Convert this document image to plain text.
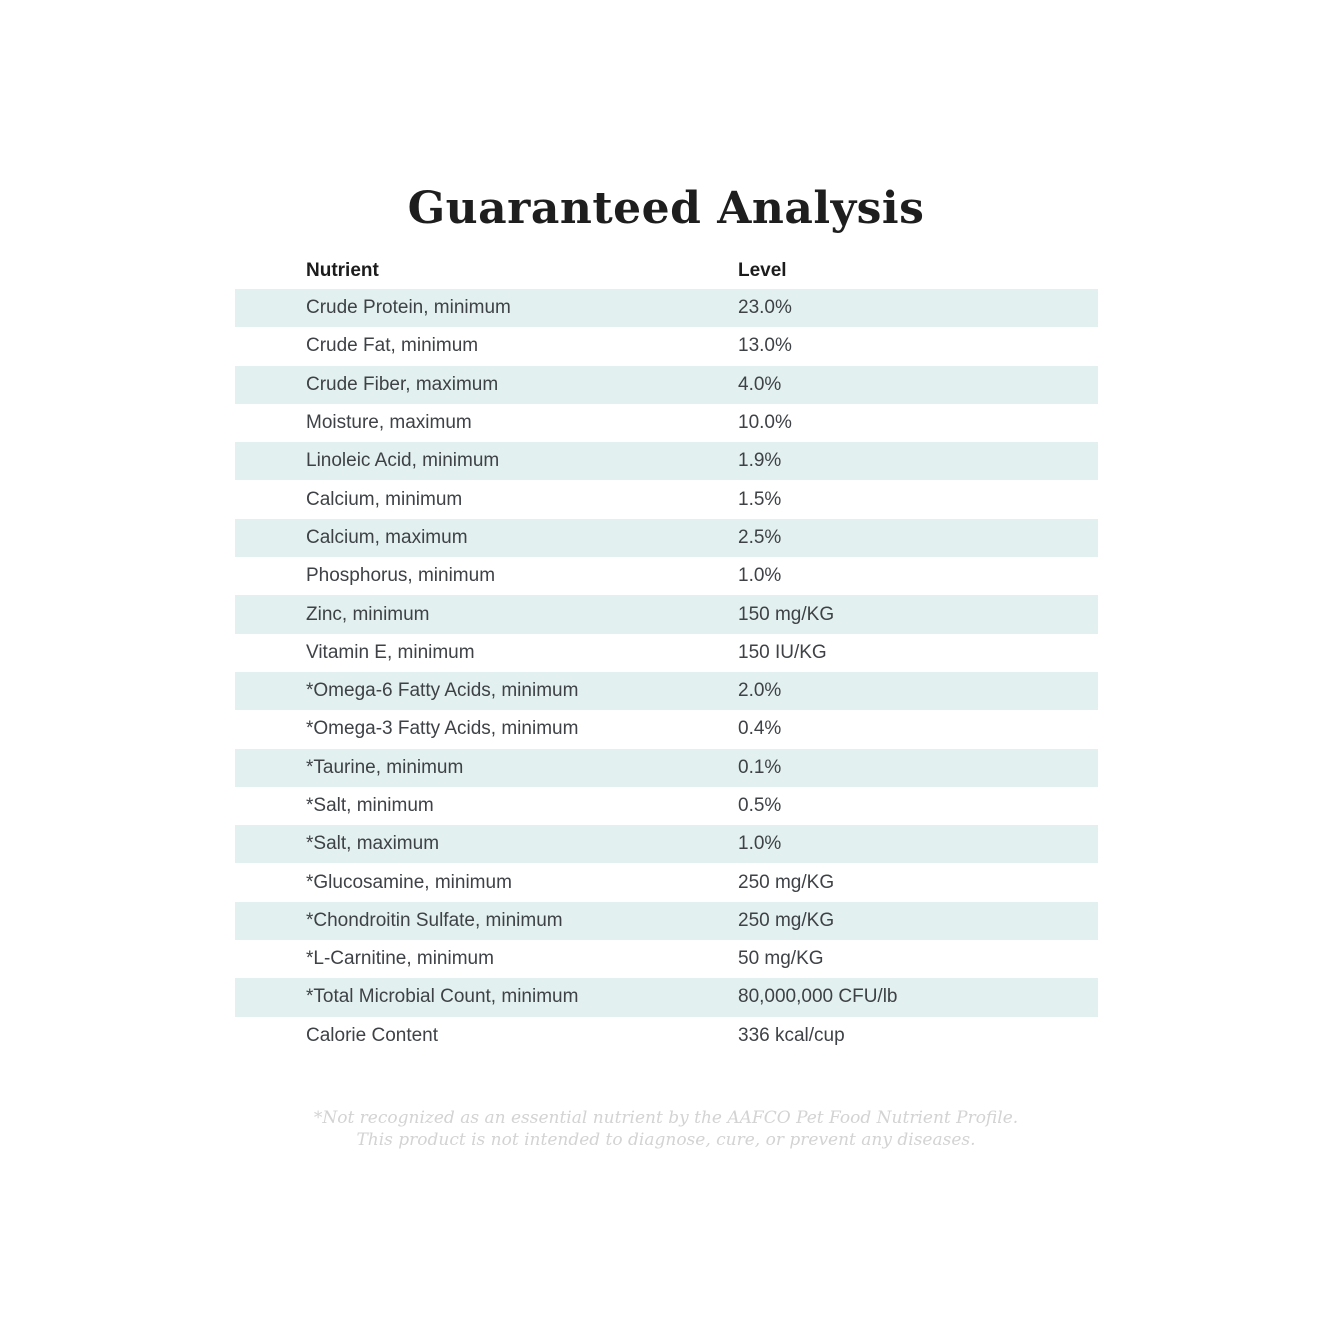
Guaranteed Analysis
Nutrient	Level
Crude Protein, minimum	23.0%
Crude Fat, minimum	13.0%
Crude Fiber, maximum	4.0%
Moisture, maximum	10.0%
Linoleic Acid, minimum	1.9%
Calcium, minimum	1.5%
Calcium, maximum	2.5%
Phosphorus, minimum	1.0%
Zinc, minimum	150 mg/KG
Vitamin E, minimum	150 IU/KG
*Omega-6 Fatty Acids, minimum	2.0%
*Omega-3 Fatty Acids, minimum	0.4%
*Taurine, minimum	0.1%
*Salt, minimum	0.5%
*Salt, maximum	1.0%
*Glucosamine, minimum	250 mg/KG
*Chondroitin Sulfate, minimum	250 mg/KG
*L-Carnitine, minimum	50 mg/KG
*Total Microbial Count, minimum	80,000,000 CFU/lb
Calorie Content	336 kcal/cup
*Not recognized as an essential nutrient by the AAFCO Pet Food Nutrient Profile.
This product is not intended to diagnose, cure, or prevent any diseases.
